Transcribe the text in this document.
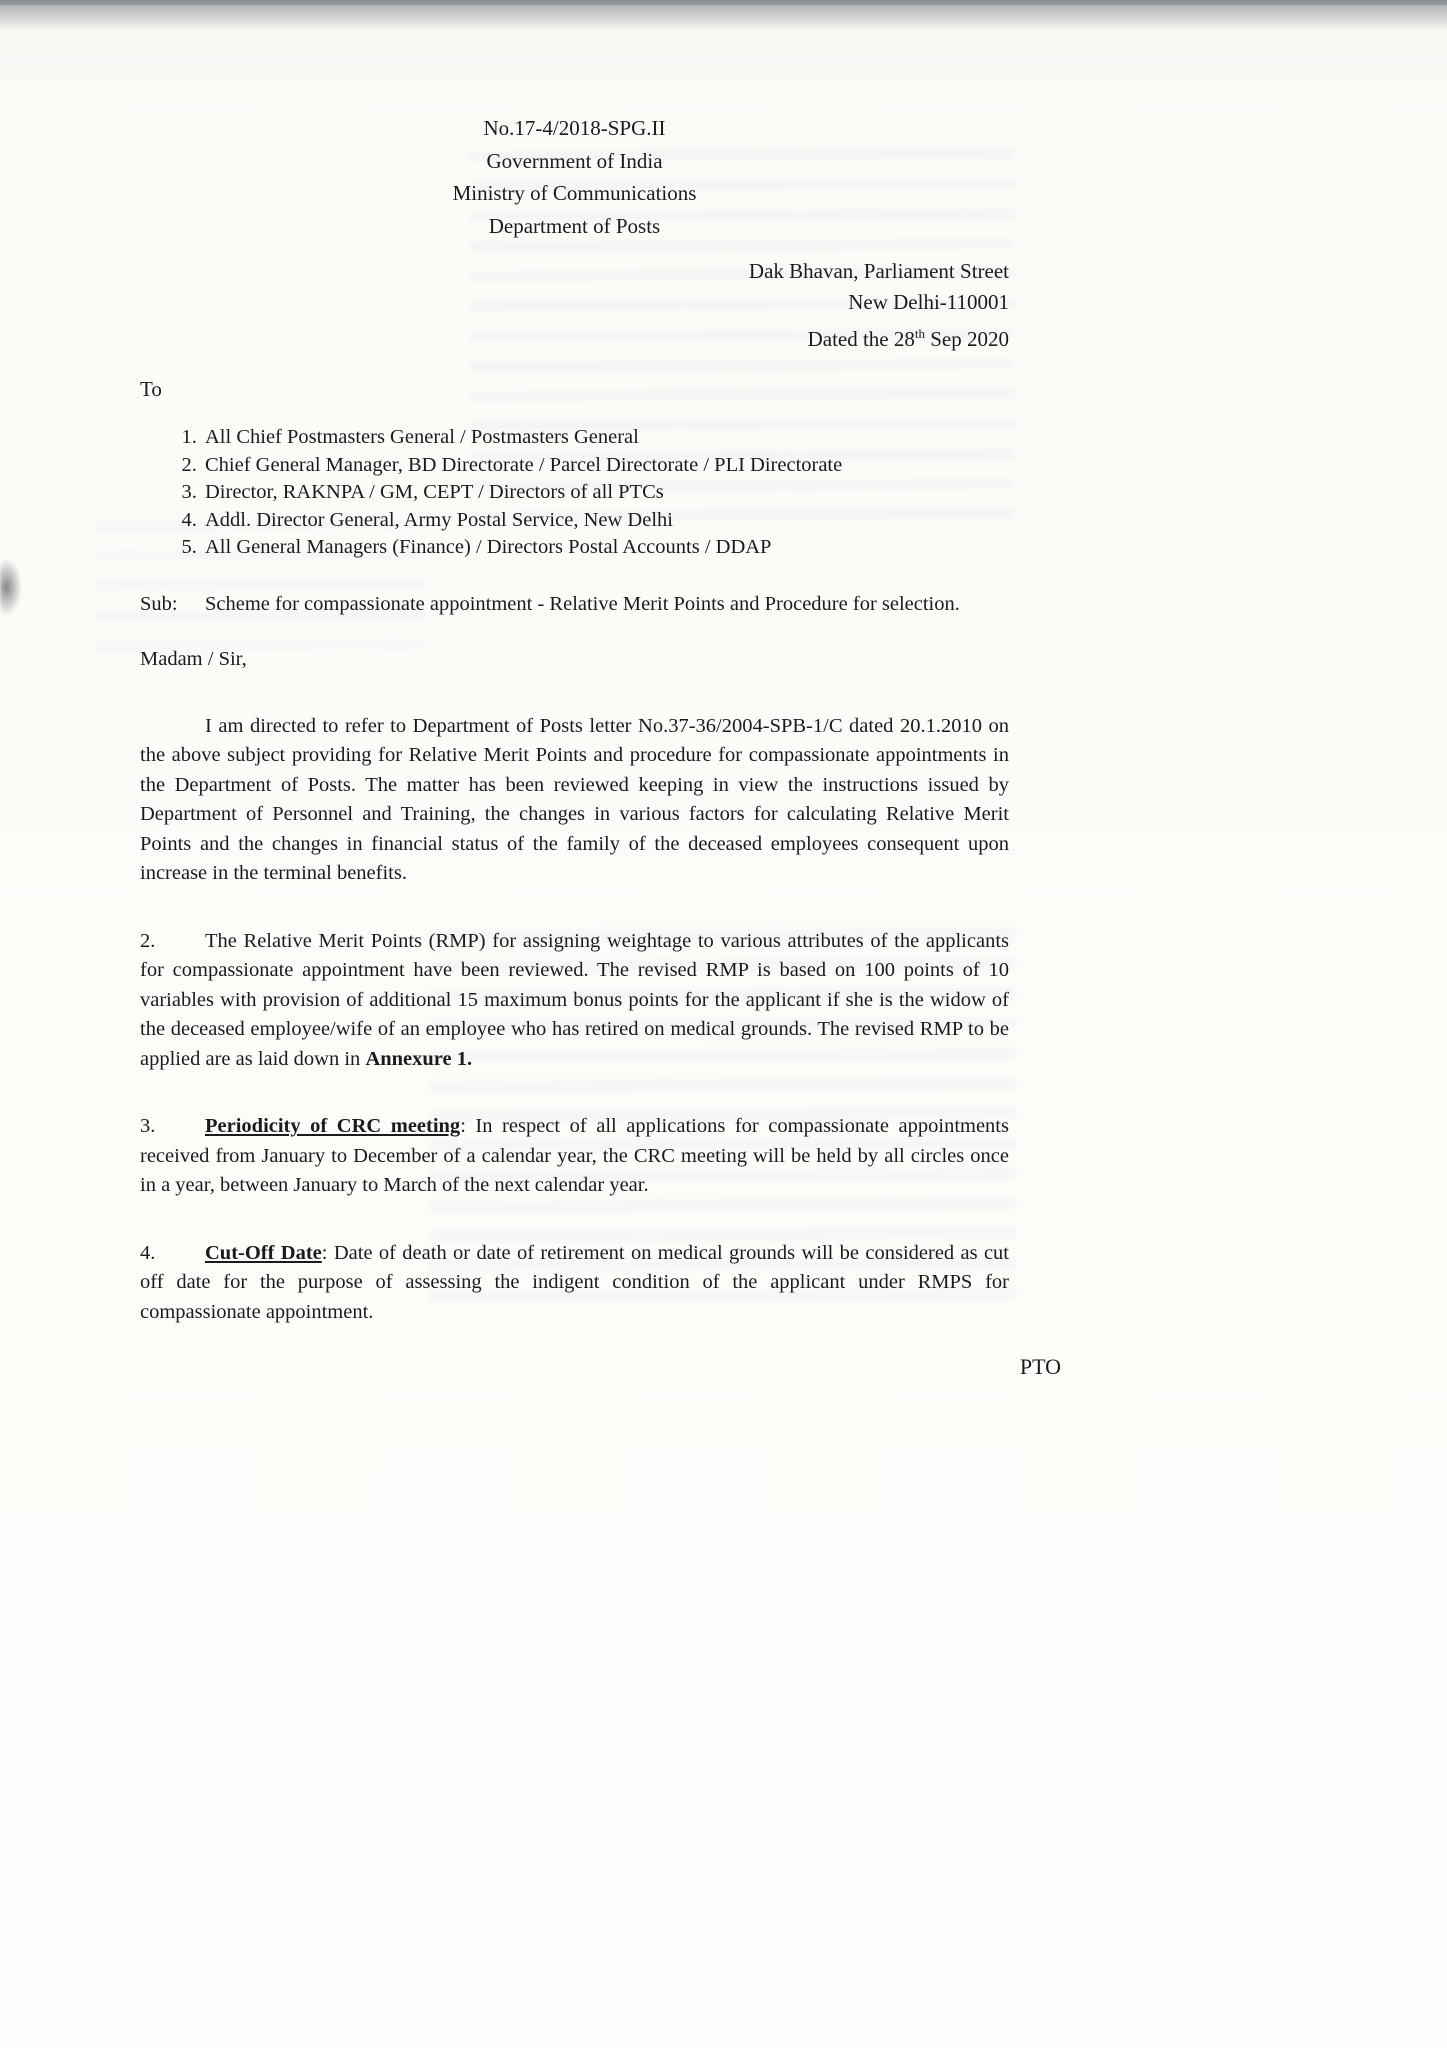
No.17-4/2018-SPG.II
Government of India
Ministry of Communications
Department of Posts
Dak Bhavan, Parliament Street
New Delhi-110001
Dated the 28th Sep 2020
To
1. All Chief Postmasters General / Postmasters General
2. Chief General Manager, BD Directorate / Parcel Directorate / PLI Directorate
3. Director, RAKNPA / GM, CEPT / Directors of all PTCs
4. Addl. Director General, Army Postal Service, New Delhi
5. All General Managers (Finance) / Directors Postal Accounts / DDAP
Sub:	Scheme for compassionate appointment - Relative Merit Points and Procedure for selection.
Madam / Sir,

I am directed to refer to Department of Posts letter No.37-36/2004-SPB-1/C dated 20.1.2010 on the above subject providing for Relative Merit Points and procedure for compassionate appointments in the Department of Posts. The matter has been reviewed keeping in view the instructions issued by Department of Personnel and Training, the changes in various factors for calculating Relative Merit Points and the changes in financial status of the family of the deceased employees consequent upon increase in the terminal benefits.

2. The Relative Merit Points (RMP) for assigning weightage to various attributes of the applicants for compassionate appointment have been reviewed. The revised RMP is based on 100 points of 10 variables with provision of additional 15 maximum bonus points for the applicant if she is the widow of the deceased employee/wife of an employee who has retired on medical grounds. The revised RMP to be applied are as laid down in Annexure 1.

3. Periodicity of CRC meeting: In respect of all applications for compassionate appointments received from January to December of a calendar year, the CRC meeting will be held by all circles once in a year, between January to March of the next calendar year.

4. Cut-Off Date: Date of death or date of retirement on medical grounds will be considered as cut off date for the purpose of assessing the indigent condition of the applicant under RMPS for compassionate appointment.

PTO
